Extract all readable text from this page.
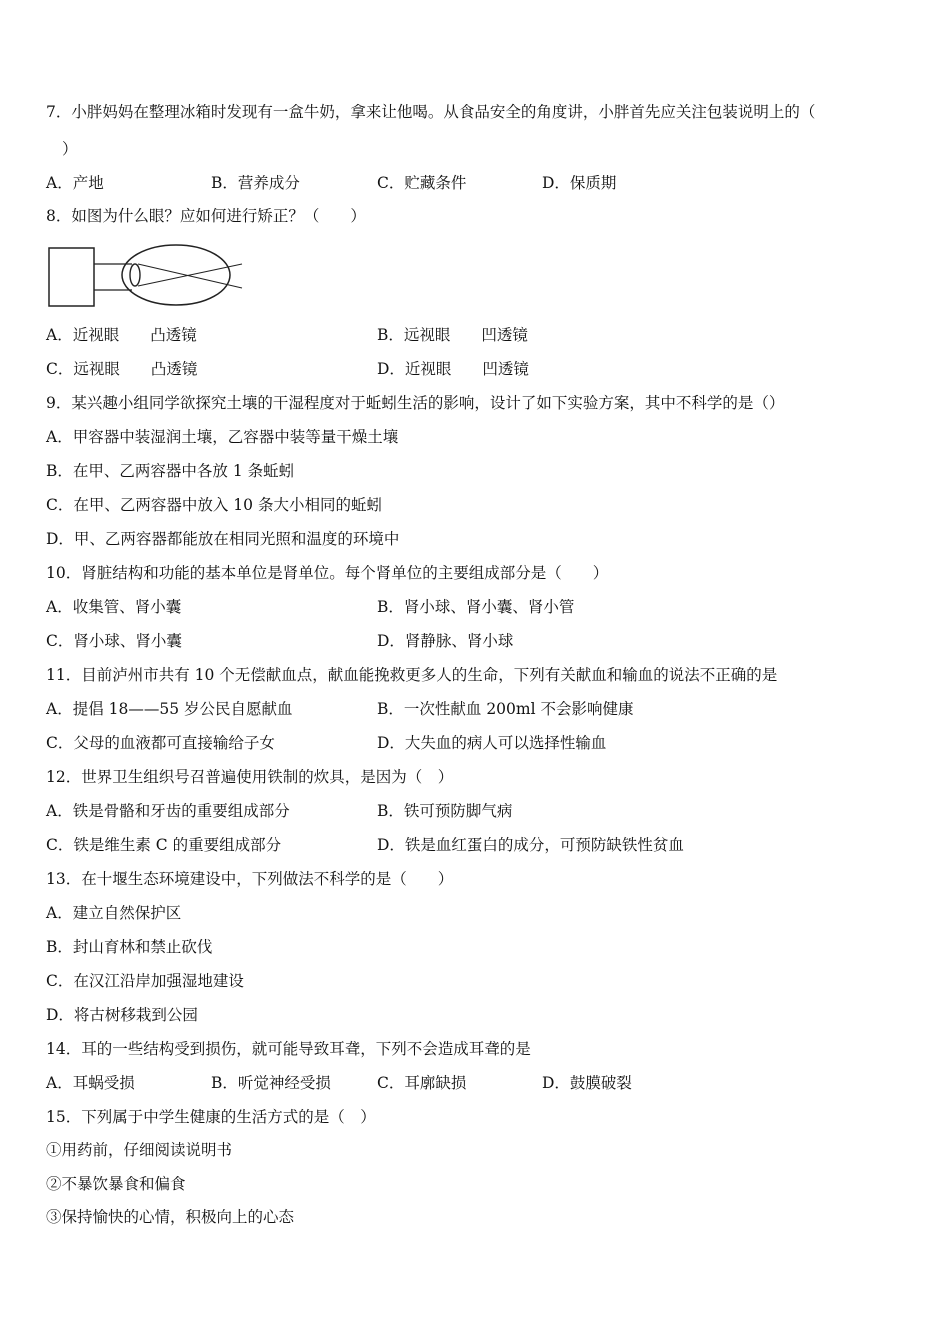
7．小胖妈妈在整理冰箱时发现有一盒牛奶，拿来让他喝。从食品安全的角度讲，小胖首先应关注包装说明上的（
）
A．产地	B．营养成分	C．贮藏条件	D．保质期
8．如图为什么眼？应如何进行矫正？（　　）
A．近视眼　　凸透镜	B．远视眼　　凹透镜
C．远视眼　　凸透镜	D．近视眼　　凹透镜
9．某兴趣小组同学欲探究土壤的干湿程度对于蚯蚓生活的影响，设计了如下实验方案，其中不科学的是（）
A．甲容器中装湿润土壤，乙容器中装等量干燥土壤
B．在甲、乙两容器中各放 1 条蚯蚓
C．在甲、乙两容器中放入 10 条大小相同的蚯蚓
D．甲、乙两容器都能放在相同光照和温度的环境中
10．肾脏结构和功能的基本单位是肾单位。每个肾单位的主要组成部分是（　　）
A．收集管、肾小囊	B．肾小球、肾小囊、肾小管
C．肾小球、肾小囊	D．肾静脉、肾小球
11．目前泸州市共有 10 个无偿献血点，献血能挽救更多人的生命，下列有关献血和输血的说法不正确的是
A．提倡 18——55 岁公民自愿献血	B．一次性献血 200ml 不会影响健康
C．父母的血液都可直接输给子女	D．大失血的病人可以选择性输血
12．世界卫生组织号召普遍使用铁制的炊具，是因为（　）
A．铁是骨骼和牙齿的重要组成部分	B．铁可预防脚气病
C．铁是维生素 C 的重要组成部分	D．铁是血红蛋白的成分，可预防缺铁性贫血
13．在十堰生态环境建设中，下列做法不科学的是（　　）
A．建立自然保护区
B．封山育林和禁止砍伐
C．在汉江沿岸加强湿地建设
D．将古树移栽到公园
14．耳的一些结构受到损伤，就可能导致耳聋，下列不会造成耳聋的是
A．耳蜗受损	B．听觉神经受损	C．耳廓缺损	D．鼓膜破裂
15．下列属于中学生健康的生活方式的是（　）
①用药前，仔细阅读说明书
②不暴饮暴食和偏食
③保持愉快的心情，积极向上的心态
